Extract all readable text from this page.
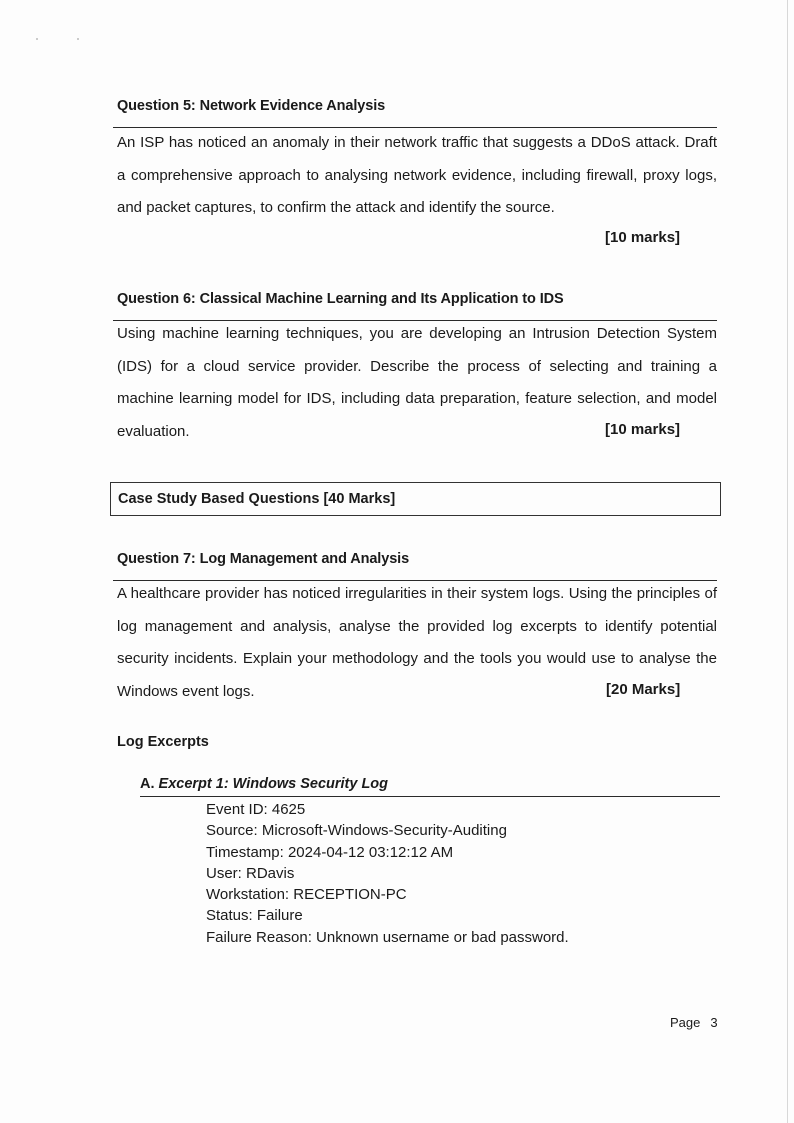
Question 5: Network Evidence Analysis
An ISP has noticed an anomaly in their network traffic that suggests a DDoS attack. Draft a comprehensive approach to analysing network evidence, including firewall, proxy logs, and packet captures, to confirm the attack and identify the source.
[10 marks]
Question 6: Classical Machine Learning and Its Application to IDS
Using machine learning techniques, you are developing an Intrusion Detection System (IDS) for a cloud service provider. Describe the process of selecting and training a machine learning model for IDS, including data preparation, feature selection, and model evaluation.	[10 marks]
Case Study Based Questions [40 Marks]
Question 7: Log Management and Analysis
A healthcare provider has noticed irregularities in their system logs. Using the principles of log management and analysis, analyse the provided log excerpts to identify potential security incidents. Explain your methodology and the tools you would use to analyse the Windows event logs.	[20 Marks]
Log Excerpts
A. Excerpt 1: Windows Security Log
Event ID: 4625
Source: Microsoft-Windows-Security-Auditing
Timestamp: 2024-04-12 03:12:12 AM
User: RDavis
Workstation: RECEPTION-PC
Status: Failure
Failure Reason: Unknown username or bad password.
Page 3
